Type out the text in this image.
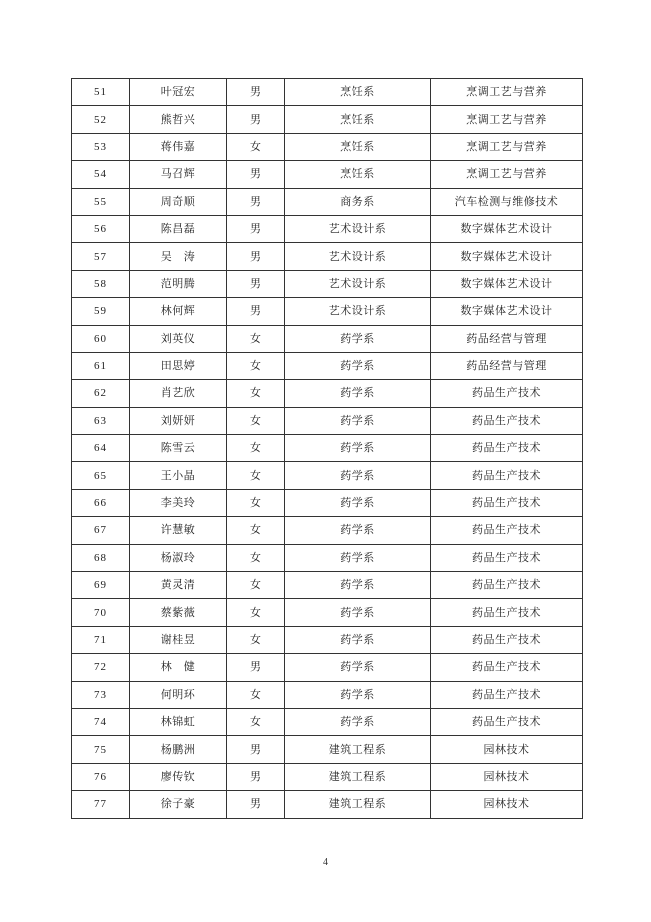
51	叶冠宏	男	烹饪系	烹调工艺与营养
52	熊哲兴	男	烹饪系	烹调工艺与营养
53	蒋伟嘉	女	烹饪系	烹调工艺与营养
54	马召辉	男	烹饪系	烹调工艺与营养
55	周奇顺	男	商务系	汽车检测与维修技术
56	陈昌磊	男	艺术设计系	数字媒体艺术设计
57	吴　涛	男	艺术设计系	数字媒体艺术设计
58	范明腾	男	艺术设计系	数字媒体艺术设计
59	林何辉	男	艺术设计系	数字媒体艺术设计
60	刘英仪	女	药学系	药品经营与管理
61	田思婷	女	药学系	药品经营与管理
62	肖艺欣	女	药学系	药品生产技术
63	刘妍妍	女	药学系	药品生产技术
64	陈雪云	女	药学系	药品生产技术
65	王小晶	女	药学系	药品生产技术
66	李美玲	女	药学系	药品生产技术
67	许慧敏	女	药学系	药品生产技术
68	杨淑玲	女	药学系	药品生产技术
69	黄灵清	女	药学系	药品生产技术
70	蔡紫薇	女	药学系	药品生产技术
71	谢桂昱	女	药学系	药品生产技术
72	林　健	男	药学系	药品生产技术
73	何明环	女	药学系	药品生产技术
74	林锦虹	女	药学系	药品生产技术
75	杨鹏洲	男	建筑工程系	园林技术
76	廖传钦	男	建筑工程系	园林技术
77	徐子豪	男	建筑工程系	园林技术
4
